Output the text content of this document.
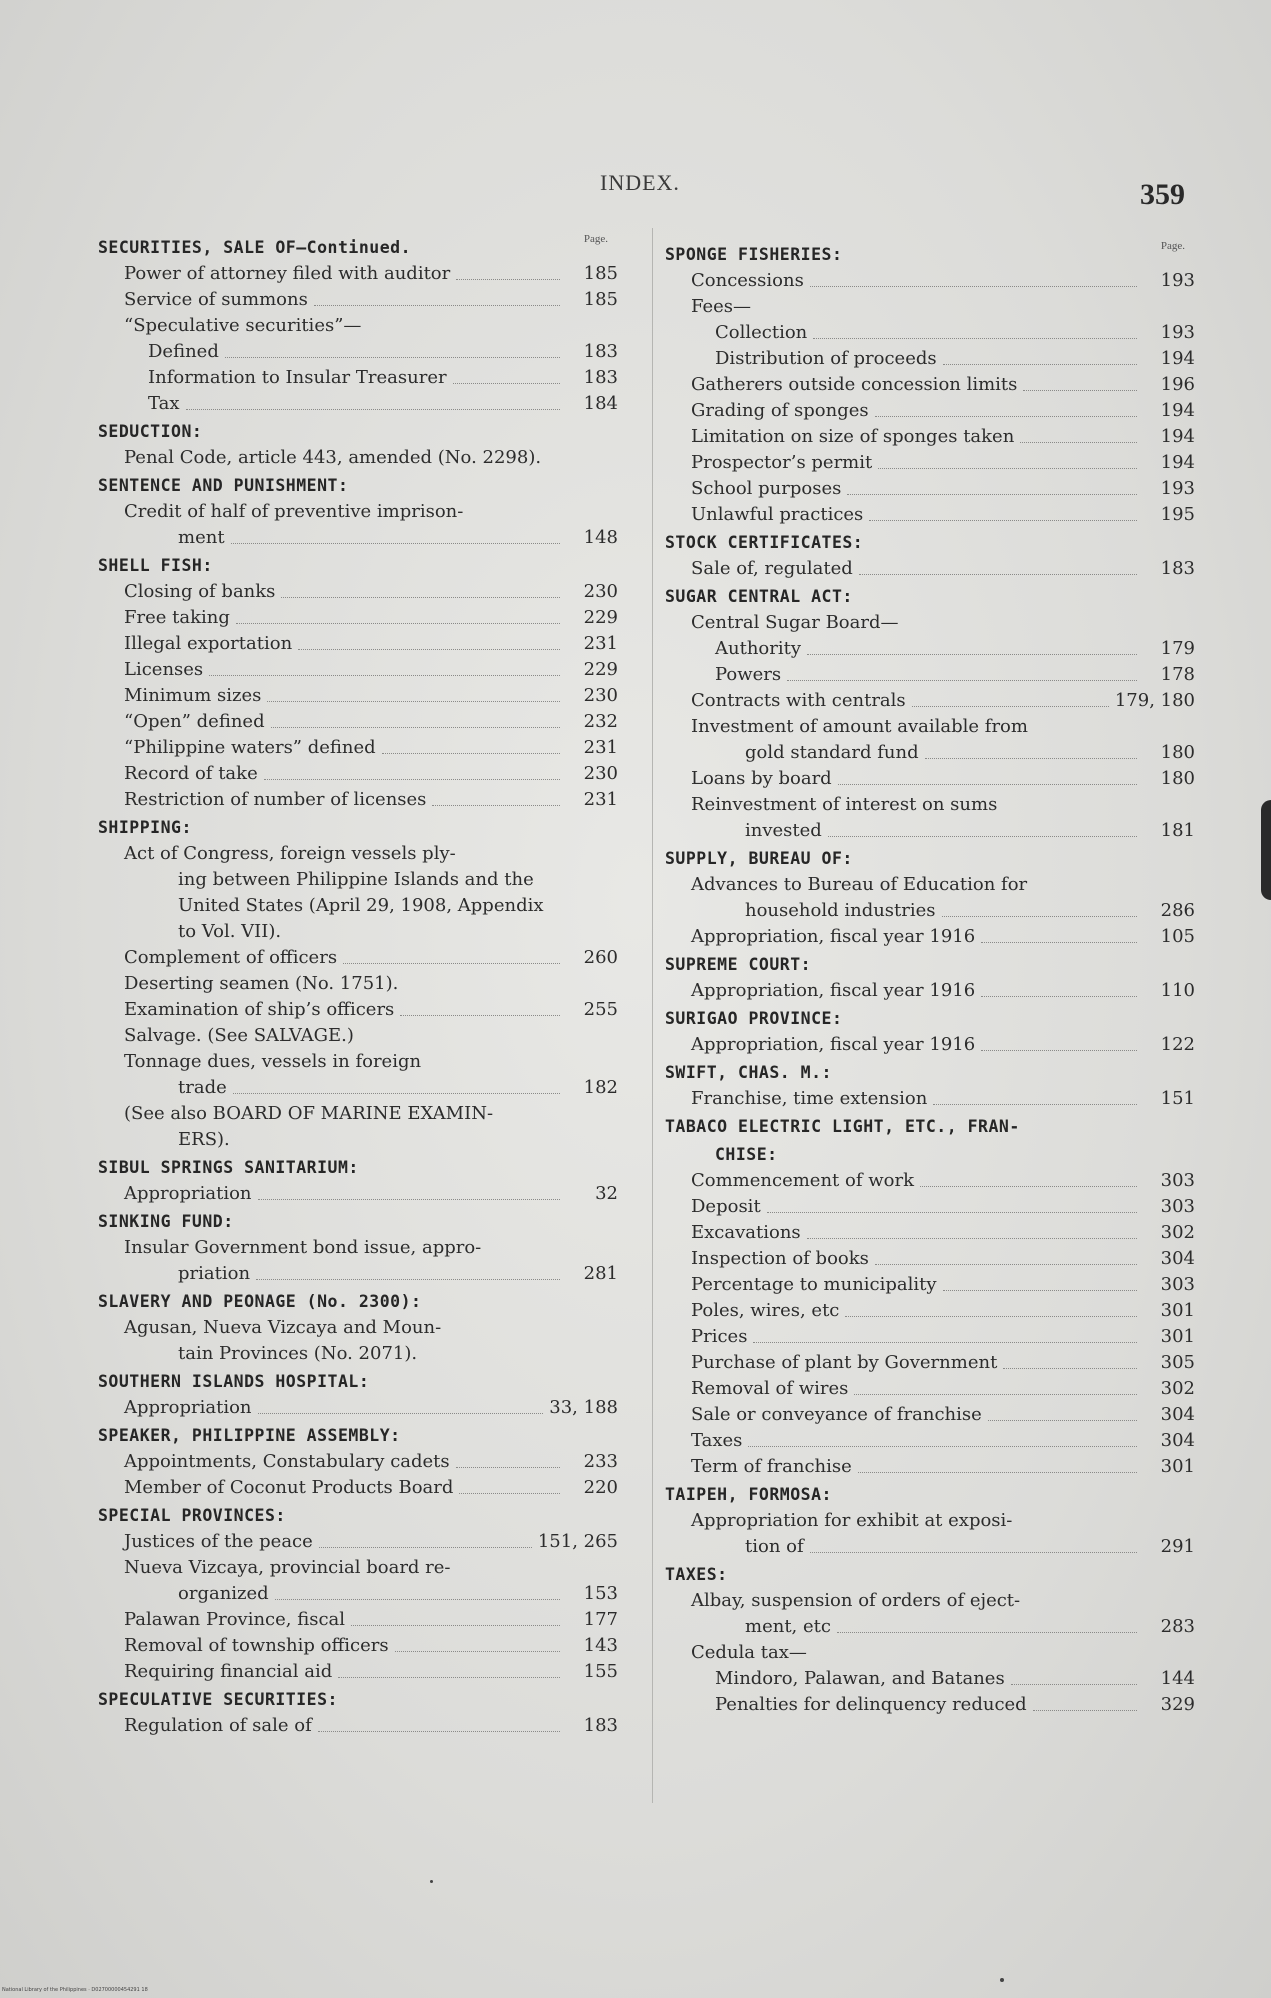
INDEX.	359
Page.
SECURITIES, SALE OF—Continued.
Power of attorney filed with auditor	185
Service of summons	185
“Speculative securities”—
Defined	183
Information to Insular Treasurer	183
Tax	184
SEDUCTION:
Penal Code, article 443, amended (No. 2298).
SENTENCE AND PUNISHMENT:
Credit of half of preventive imprison-
ment	148
SHELL FISH:
Closing of banks	230
Free taking	229
Illegal exportation	231
Licenses	229
Minimum sizes	230
“Open” defined	232
“Philippine waters” defined	231
Record of take	230
Restriction of number of licenses	231
SHIPPING:
Act of Congress, foreign vessels ply-
ing between Philippine Islands and the United States (April 29, 1908, Appendix to Vol. VII).
Complement of officers	260
Deserting seamen (No. 1751).
Examination of ship’s officers	255
Salvage. (See SALVAGE.)
Tonnage dues, vessels in foreign
trade	182
(See also BOARD OF MARINE EXAMIN-
ERS).
SIBUL SPRINGS SANITARIUM:
Appropriation	32
SINKING FUND:
Insular Government bond issue, appro-
priation	281
SLAVERY AND PEONAGE (No. 2300):
Agusan, Nueva Vizcaya and Moun-
tain Provinces (No. 2071).
SOUTHERN ISLANDS HOSPITAL:
Appropriation	33, 188
SPEAKER, PHILIPPINE ASSEMBLY:
Appointments, Constabulary cadets	233
Member of Coconut Products Board	220
SPECIAL PROVINCES:
Justices of the peace	151, 265
Nueva Vizcaya, provincial board re-
organized	153
Palawan Province, fiscal	177
Removal of township officers	143
Requiring financial aid	155
SPECULATIVE SECURITIES:
Regulation of sale of	183
Page.
SPONGE FISHERIES:
Concessions	193
Fees—
Collection	193
Distribution of proceeds	194
Gatherers outside concession limits	196
Grading of sponges	194
Limitation on size of sponges taken	194
Prospector’s permit	194
School purposes	193
Unlawful practices	195
STOCK CERTIFICATES:
Sale of, regulated	183
SUGAR CENTRAL ACT:
Central Sugar Board—
Authority	179
Powers	178
Contracts with centrals	179, 180
Investment of amount available from
gold standard fund	180
Loans by board	180
Reinvestment of interest on sums
invested	181
SUPPLY, BUREAU OF:
Advances to Bureau of Education for
household industries	286
Appropriation, fiscal year 1916	105
SUPREME COURT:
Appropriation, fiscal year 1916	110
SURIGAO PROVINCE:
Appropriation, fiscal year 1916	122
SWIFT, CHAS. M.:
Franchise, time extension	151
TABACO ELECTRIC LIGHT, ETC., FRAN-
CHISE:
Commencement of work	303
Deposit	303
Excavations	302
Inspection of books	304
Percentage to municipality	303
Poles, wires, etc	301
Prices	301
Purchase of plant by Government	305
Removal of wires	302
Sale or conveyance of franchise	304
Taxes	304
Term of franchise	301
TAIPEH, FORMOSA:
Appropriation for exhibit at exposi-
tion of	291
TAXES:
Albay, suspension of orders of eject-
ment, etc	283
Cedula tax—
Mindoro, Palawan, and Batanes	144
Penalties for delinquency reduced	329
National Library of the Philippines · D02700000454291 18
